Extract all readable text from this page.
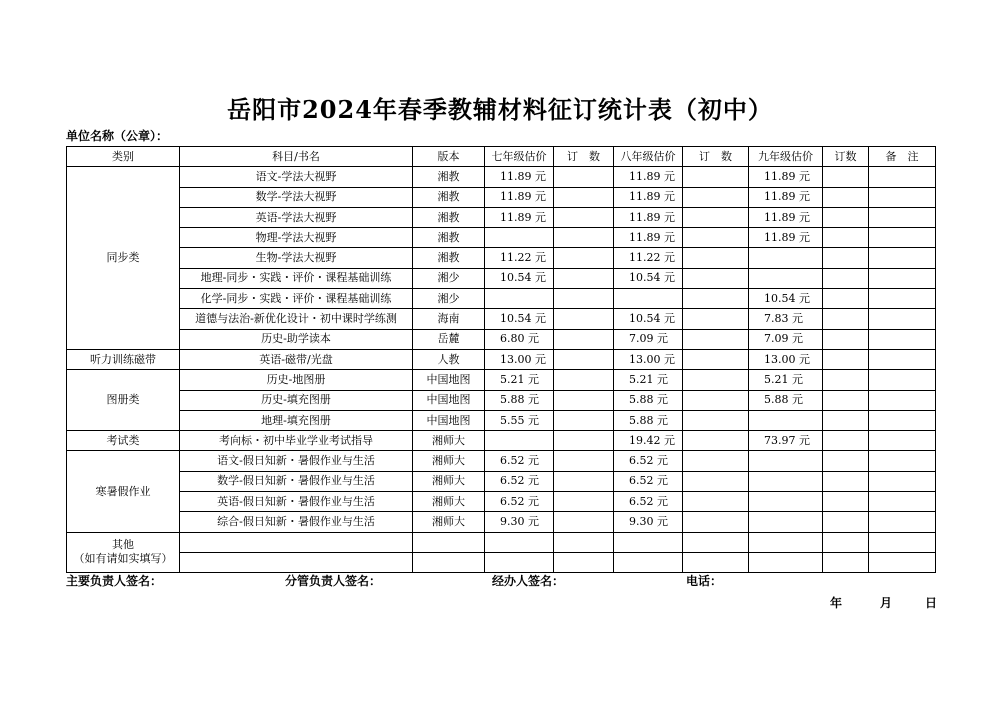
岳阳市2024年春季教辅材料征订统计表（初中）
单位名称（公章）：
类别	科目/书名	版本	七年级估价	订　数	八年级估价	订　数	九年级估价	订数	备　注
同步类	语文-学法大视野	湘教	11.89 元		11.89 元		11.89 元		
	数学-学法大视野	湘教	11.89 元		11.89 元		11.89 元		
	英语-学法大视野	湘教	11.89 元		11.89 元		11.89 元		
	物理-学法大视野	湘教			11.89 元		11.89 元		
	生物-学法大视野	湘教	11.22 元		11.22 元				
	地理-同步・实践・评价・课程基础训练	湘少	10.54 元		10.54 元				
	化学-同步・实践・评价・课程基础训练	湘少					10.54 元		
	道德与法治-新优化设计・初中课时学练测	海南	10.54 元		10.54 元		7.83 元		
	历史-助学读本	岳麓	6.80 元		7.09 元		7.09 元		
听力训练磁带	英语-磁带/光盘	人教	13.00 元		13.00 元		13.00 元		
图册类	历史-地图册	中国地图	5.21 元		5.21 元		5.21 元		
	历史-填充图册	中国地图	5.88 元		5.88 元		5.88 元		
	地理-填充图册	中国地图	5.55 元		5.88 元				
考试类	考向标・初中毕业学业考试指导	湘师大			19.42 元		73.97 元		
寒暑假作业	语文-假日知新・暑假作业与生活	湘师大	6.52 元		6.52 元				
	数学-假日知新・暑假作业与生活	湘师大	6.52 元		6.52 元				
	英语-假日知新・暑假作业与生活	湘师大	6.52 元		6.52 元				
	综合-假日知新・暑假作业与生活	湘师大	9.30 元		9.30 元				
其他
（如有请如实填写）									

主要负责人签名：	分管负责人签名：	经办人签名：	电话：
年	月	日
